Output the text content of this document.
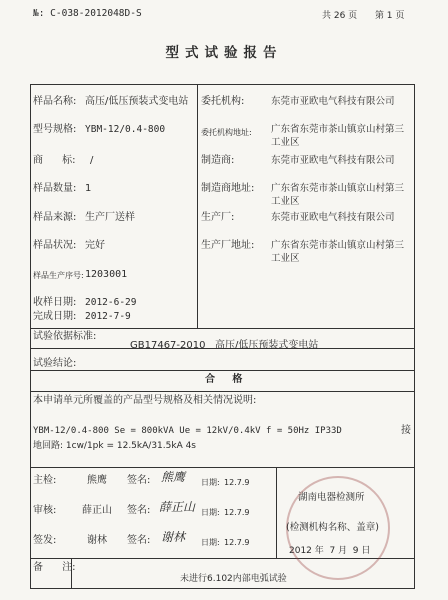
№: C-038-2012048D-S	共 26 页 第 1 页
型式试验报告
样品名称: 高压/低压预装式变电站
型号规格: YBM-12/0.4-800
商      标: /
样品数量: 1
样品来源: 生产厂送样
样品状况: 完好
样品生产序号: 1203001
收样日期: 2012-6-29
完成日期: 2012-7-9
委托机构:	东莞市亚欧电气科技有限公司
委托机构地址: 广东省东莞市茶山镇京山村第三
工业区
制造商:	东莞市亚欧电气科技有限公司
制造商地址: 广东省东莞市茶山镇京山村第三
工业区
生产厂:	东莞市亚欧电气科技有限公司
生产厂地址: 广东省东莞市茶山镇京山村第三
工业区
试验依据标准:
GB17467-2010   高压/低压预装式变电站
试验结论:
合     格
本申请单元所覆盖的产品型号规格及相关情况说明:
YBM-12/0.4-800 Se = 800kVA Ue = 12kV/0.4kV f = 50Hz IP33D	接
地回路: 1cw/1pk = 12.5kA/31.5kA 4s
主检:	熊鹰 签名: 熊鹰 日期: 12.7.9
审核:	薛正山 签名: 薛正山 日期: 12.7.9
签发:	谢林 签名: 谢林 日期: 12.7.9
湖南电器检测所
(检测机构名称、盖章)
2012 年  7 月  9 日
备      注:
未进行6.102内部电弧试验
